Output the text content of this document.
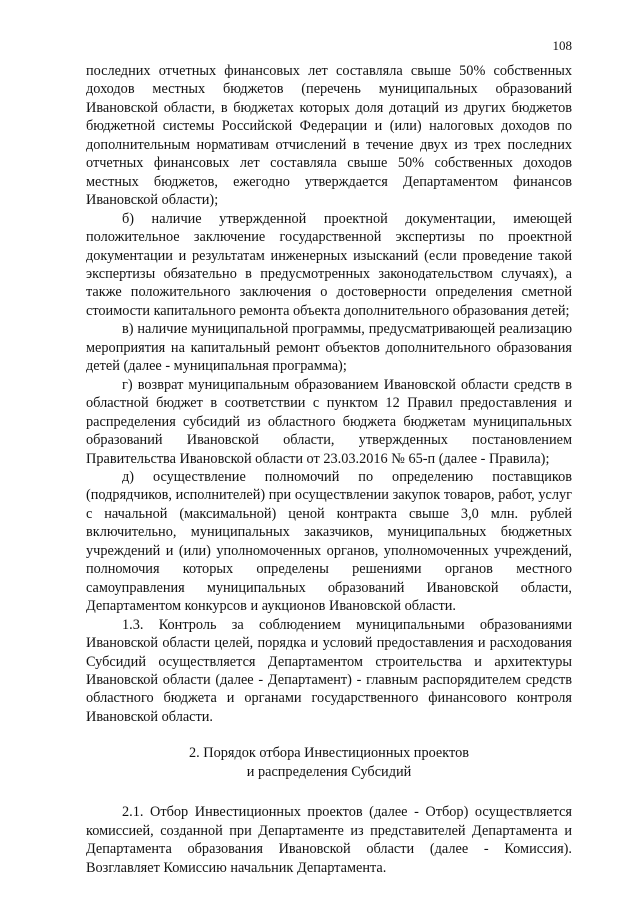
108

последних отчетных финансовых лет составляла свыше 50% собственных доходов местных бюджетов (перечень муниципальных образований Ивановской области, в бюджетах которых доля дотаций из других бюджетов бюджетной системы Российской Федерации и (или) налоговых доходов по дополнительным нормативам отчислений в течение двух из трех последних отчетных финансовых лет составляла свыше 50% собственных доходов местных бюджетов, ежегодно утверждается Департаментом финансов Ивановской области);

б) наличие утвержденной проектной документации, имеющей положительное заключение государственной экспертизы по проектной документации и результатам инженерных изысканий (если проведение такой экспертизы обязательно в предусмотренных законодательством случаях), а также положительного заключения о достоверности определения сметной стоимости капитального ремонта объекта дополнительного образования детей;

в) наличие муниципальной программы, предусматривающей реализацию мероприятия на капитальный ремонт объектов дополнительного образования детей (далее - муниципальная программа);

г) возврат муниципальным образованием Ивановской области средств в областной бюджет в соответствии с пунктом 12 Правил предоставления и распределения субсидий из областного бюджета бюджетам муниципальных образований Ивановской области, утвержденных постановлением Правительства Ивановской области от 23.03.2016 № 65-п (далее - Правила);

д) осуществление полномочий по определению поставщиков (подрядчиков, исполнителей) при осуществлении закупок товаров, работ, услуг с начальной (максимальной) ценой контракта свыше 3,0 млн. рублей включительно, муниципальных заказчиков, муниципальных бюджетных учреждений и (или) уполномоченных органов, уполномоченных учреждений, полномочия которых определены решениями органов местного самоуправления муниципальных образований Ивановской области, Департаментом конкурсов и аукционов Ивановской области.

1.3. Контроль за соблюдением муниципальными образованиями Ивановской области целей, порядка и условий предоставления и расходования Субсидий осуществляется Департаментом строительства и архитектуры Ивановской области (далее - Департамент) - главным распорядителем средств областного бюджета и органами государственного финансового контроля Ивановской области.

2. Порядок отбора Инвестиционных проектов
и распределения Субсидий

2.1. Отбор Инвестиционных проектов (далее - Отбор) осуществляется комиссией, созданной при Департаменте из представителей Департамента и Департамента образования Ивановской области (далее - Комиссия). Возглавляет Комиссию начальник Департамента.
